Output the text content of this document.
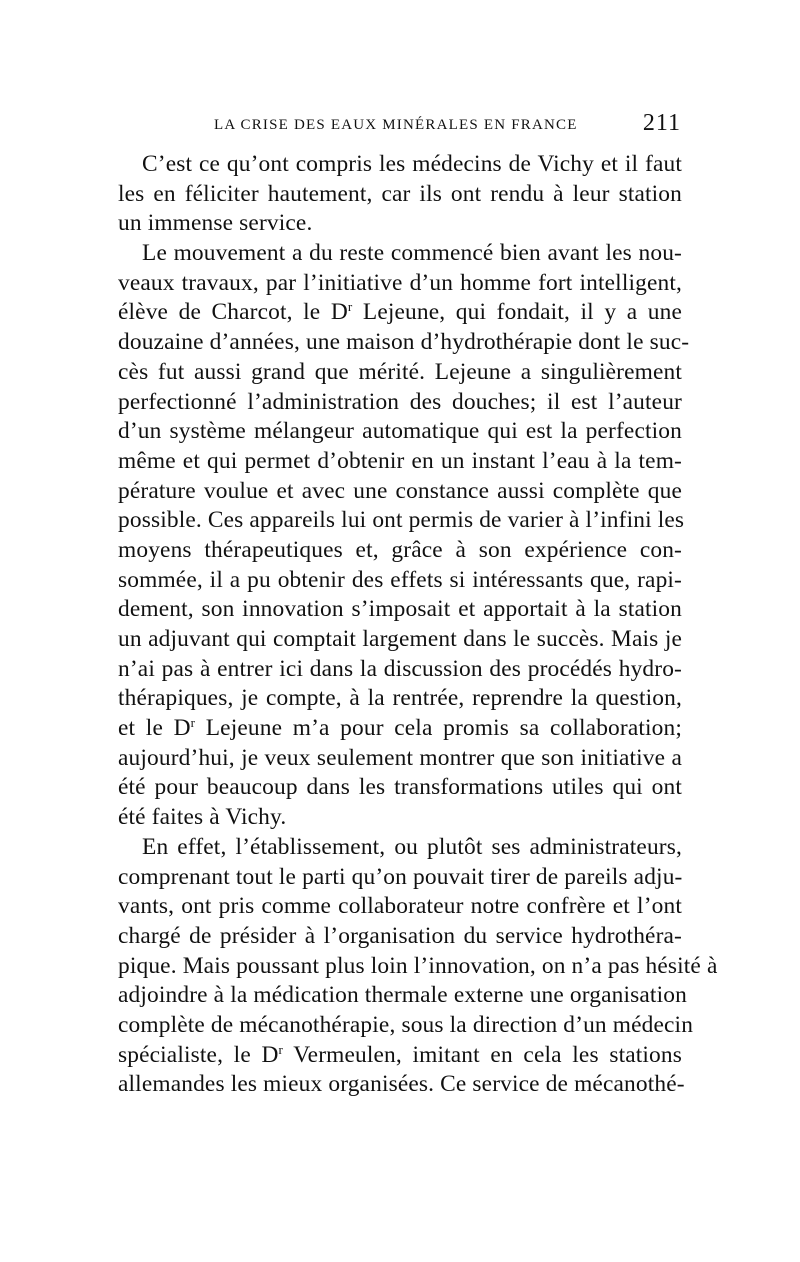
LA CRISE DES EAUX MINÉRALES EN FRANCE	211
C’est ce qu’ont compris les médecins de Vichy et il faut
les en féliciter hautement, car ils ont rendu à leur station
un immense service.
Le mouvement a du reste commencé bien avant les nou-
veaux travaux, par l’initiative d’un homme fort intelligent,
élève de Charcot, le $D^r$ Lejeune, qui fondait, il y a une
douzaine d’années, une maison d’hydrothérapie dont le suc-
cès fut aussi grand que mérité. Lejeune a singulièrement
perfectionné l’administration des douches; il est l’auteur
d’un système mélangeur automatique qui est la perfection
même et qui permet d’obtenir en un instant l’eau à la tem-
pérature voulue et avec une constance aussi complète que
possible. Ces appareils lui ont permis de varier à l’infini les
moyens thérapeutiques et, grâce à son expérience con-
sommée, il a pu obtenir des effets si intéressants que, rapi-
dement, son innovation s’imposait et apportait à la station
un adjuvant qui comptait largement dans le succès. Mais je
n’ai pas à entrer ici dans la discussion des procédés hydro-
thérapiques, je compte, à la rentrée, reprendre la question,
et le $D^r$ Lejeune m’a pour cela promis sa collaboration;
aujourd’hui, je veux seulement montrer que son initiative a
été pour beaucoup dans les transformations utiles qui ont
été faites à Vichy.
En effet, l’établissement, ou plutôt ses administrateurs,
comprenant tout le parti qu’on pouvait tirer de pareils adju-
vants, ont pris comme collaborateur notre confrère et l’ont
chargé de présider à l’organisation du service hydrothéra-
pique. Mais poussant plus loin l’innovation, on n’a pas hésité à
adjoindre à la médication thermale externe une organisation
complète de mécanothérapie, sous la direction d’un médecin
spécialiste, le $D^r$ Vermeulen, imitant en cela les stations
allemandes les mieux organisées. Ce service de mécanothé-
